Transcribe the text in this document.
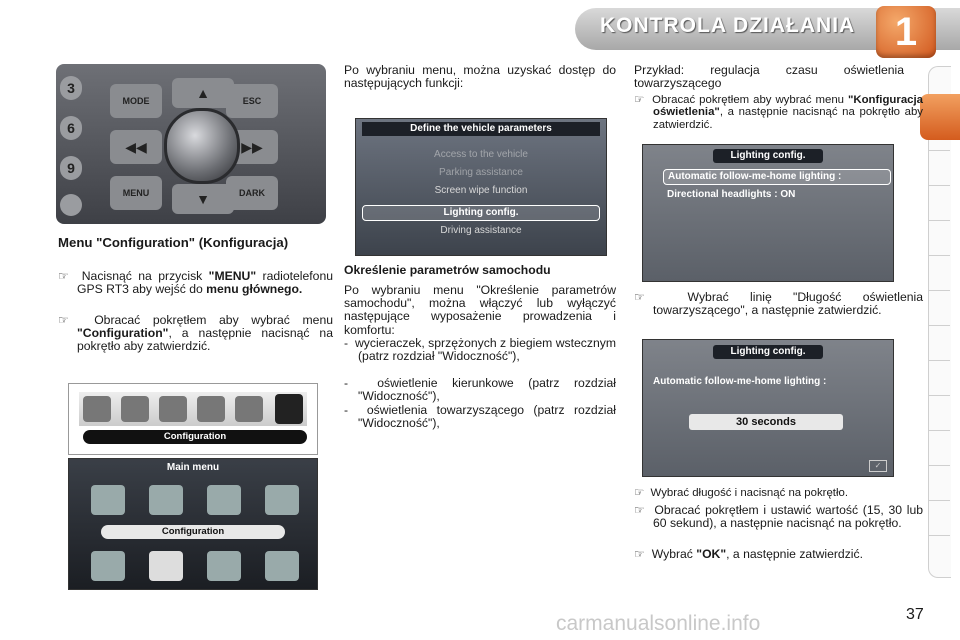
KONTROLA DZIAŁANIA 1
3
6
9
MODE	▲	ESC
◀◀	▶▶
MENU	▼	DARK
Menu "Configuration" (Konfiguracja)
☞  Nacisnąć na przycisk "MENU" radiotelefonu GPS RT3 aby wejść do menu głównego.
☞  Obracać pokrętłem aby wybrać menu "Configuration", a następnie nacisnąć na pokrętło aby zatwierdzić.
Configuration
Main menu
Configuration
Po wybraniu menu, można uzyskać dostęp do następujących funkcji:
Define the vehicle parameters
Access to the vehicle
Parking assistance
Screen wipe function
Lighting config.
Driving assistance
Określenie parametrów samochodu
Po wybraniu menu "Określenie parametrów samochodu", można włączyć lub wyłączyć następujące wyposażenie prowadzenia i komfortu:
-  wycieraczek, sprzężonych z biegiem wstecznym (patrz rozdział "Widoczność"),
-  oświetlenie kierunkowe (patrz rozdział "Widoczność"),
-  oświetlenia towarzyszącego (patrz rozdział "Widoczność"),
Przykład: regulacja czasu oświetlenia towarzyszącego
☞  Obracać pokrętłem aby wybrać menu "Konfiguracja oświetlenia", a następnie nacisnąć na pokrętło aby zatwierdzić.
Lighting config.
Automatic follow-me-home lighting :
Directional headlights : ON
☞  Wybrać linię "Długość oświetlenia towarzyszącego", a następnie zatwierdzić.
Lighting config.
Automatic follow-me-home lighting :
30 seconds
✓
☞  Wybrać długość i nacisnąć na pokrętło.
☞  Obracać pokrętłem i ustawić wartość (15, 30 lub 60 sekund), a następnie nacisnąć na pokrętło.
☞  Wybrać "OK", a następnie zatwierdzić.
37
carmanualsonline.info
